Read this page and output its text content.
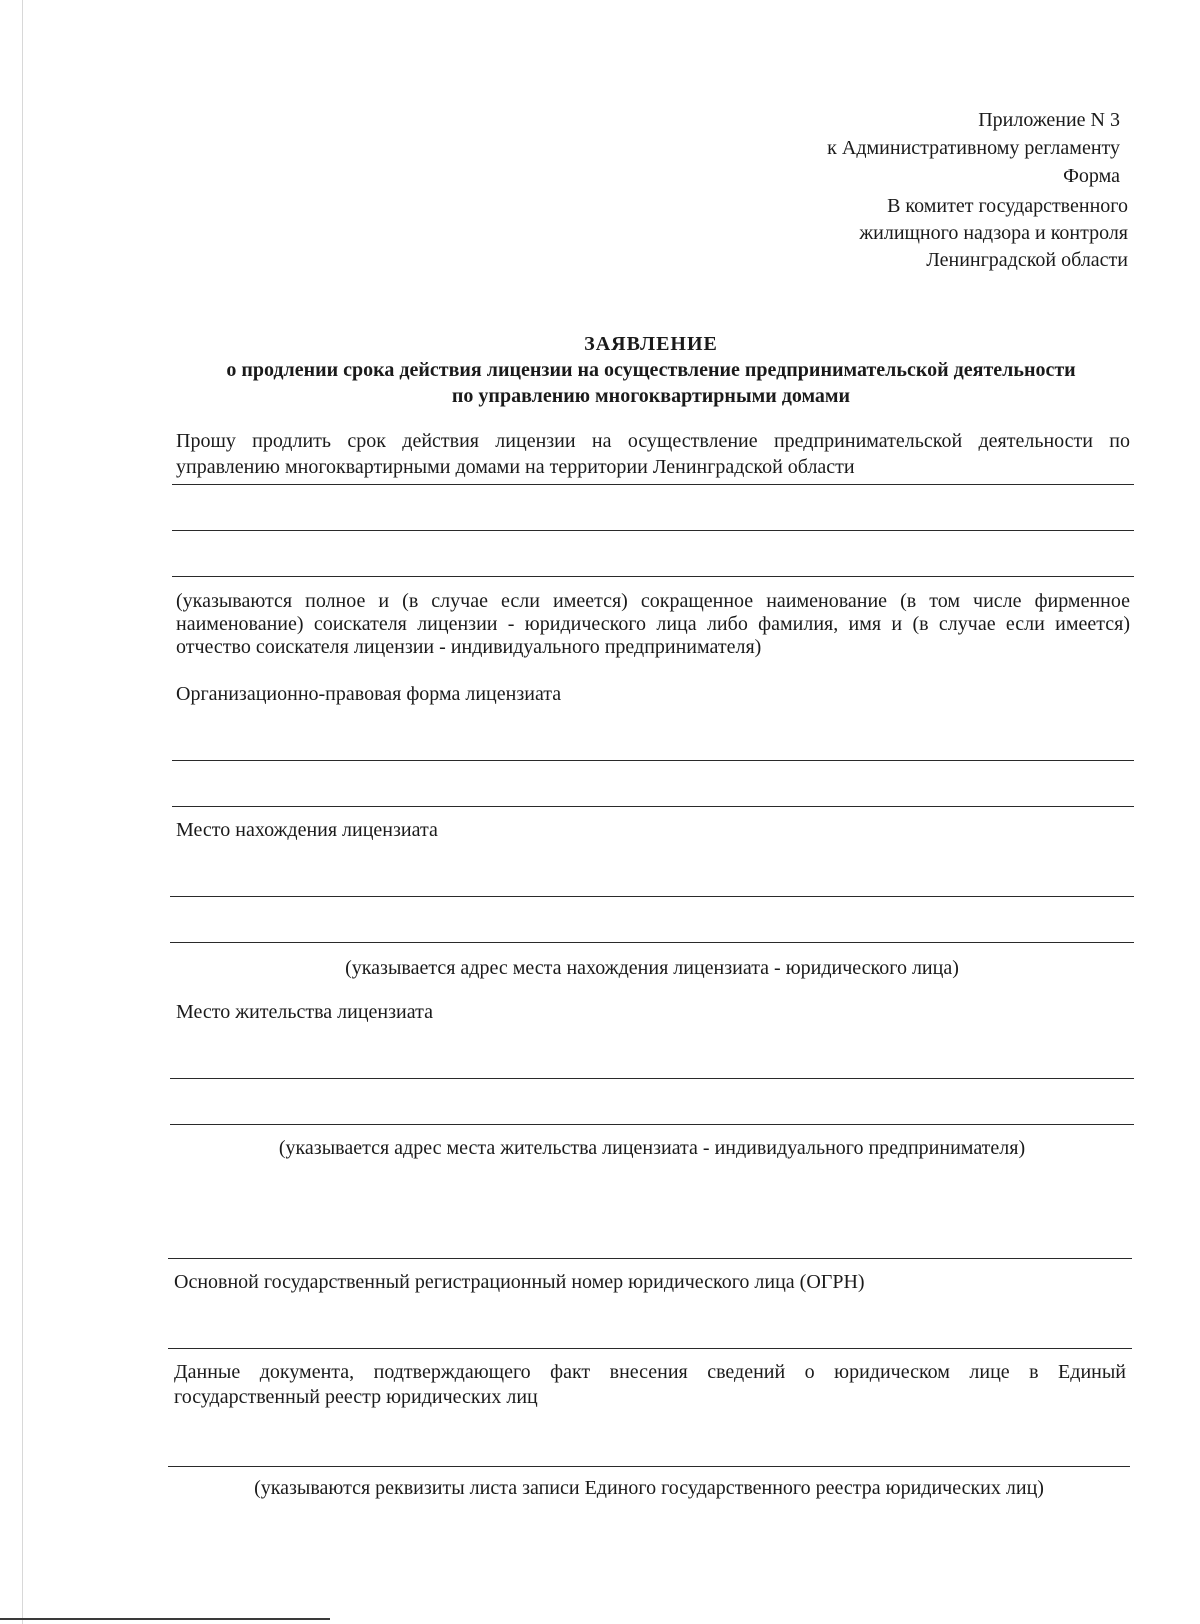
Приложение N 3
к Административному регламенту
Форма
В комитет государственного
жилищного надзора и контроля
Ленинградской области
ЗАЯВЛЕНИЕ
о продлении срока действия лицензии на осуществление предпринимательской деятельности
по управлению многоквартирными домами
Прошу продлить срок действия лицензии на осуществление предпринимательской деятельности по управлению многоквартирными домами на территории Ленинградской области
(указываются полное и (в случае если имеется) сокращенное наименование (в том числе фирменное наименование) соискателя лицензии - юридического лица либо фамилия, имя и (в случае если имеется) отчество соискателя лицензии - индивидуального предпринимателя)
Организационно-правовая форма лицензиата
Место нахождения лицензиата
(указывается адрес места нахождения лицензиата - юридического лица)
Место жительства лицензиата
(указывается адрес места жительства лицензиата - индивидуального предпринимателя)
Основной государственный регистрационный номер юридического лица (ОГРН)
Данные документа, подтверждающего факт внесения сведений о юридическом лице в Единый государственный реестр юридических лиц
(указываются реквизиты листа записи Единого государственного реестра юридических лиц)
